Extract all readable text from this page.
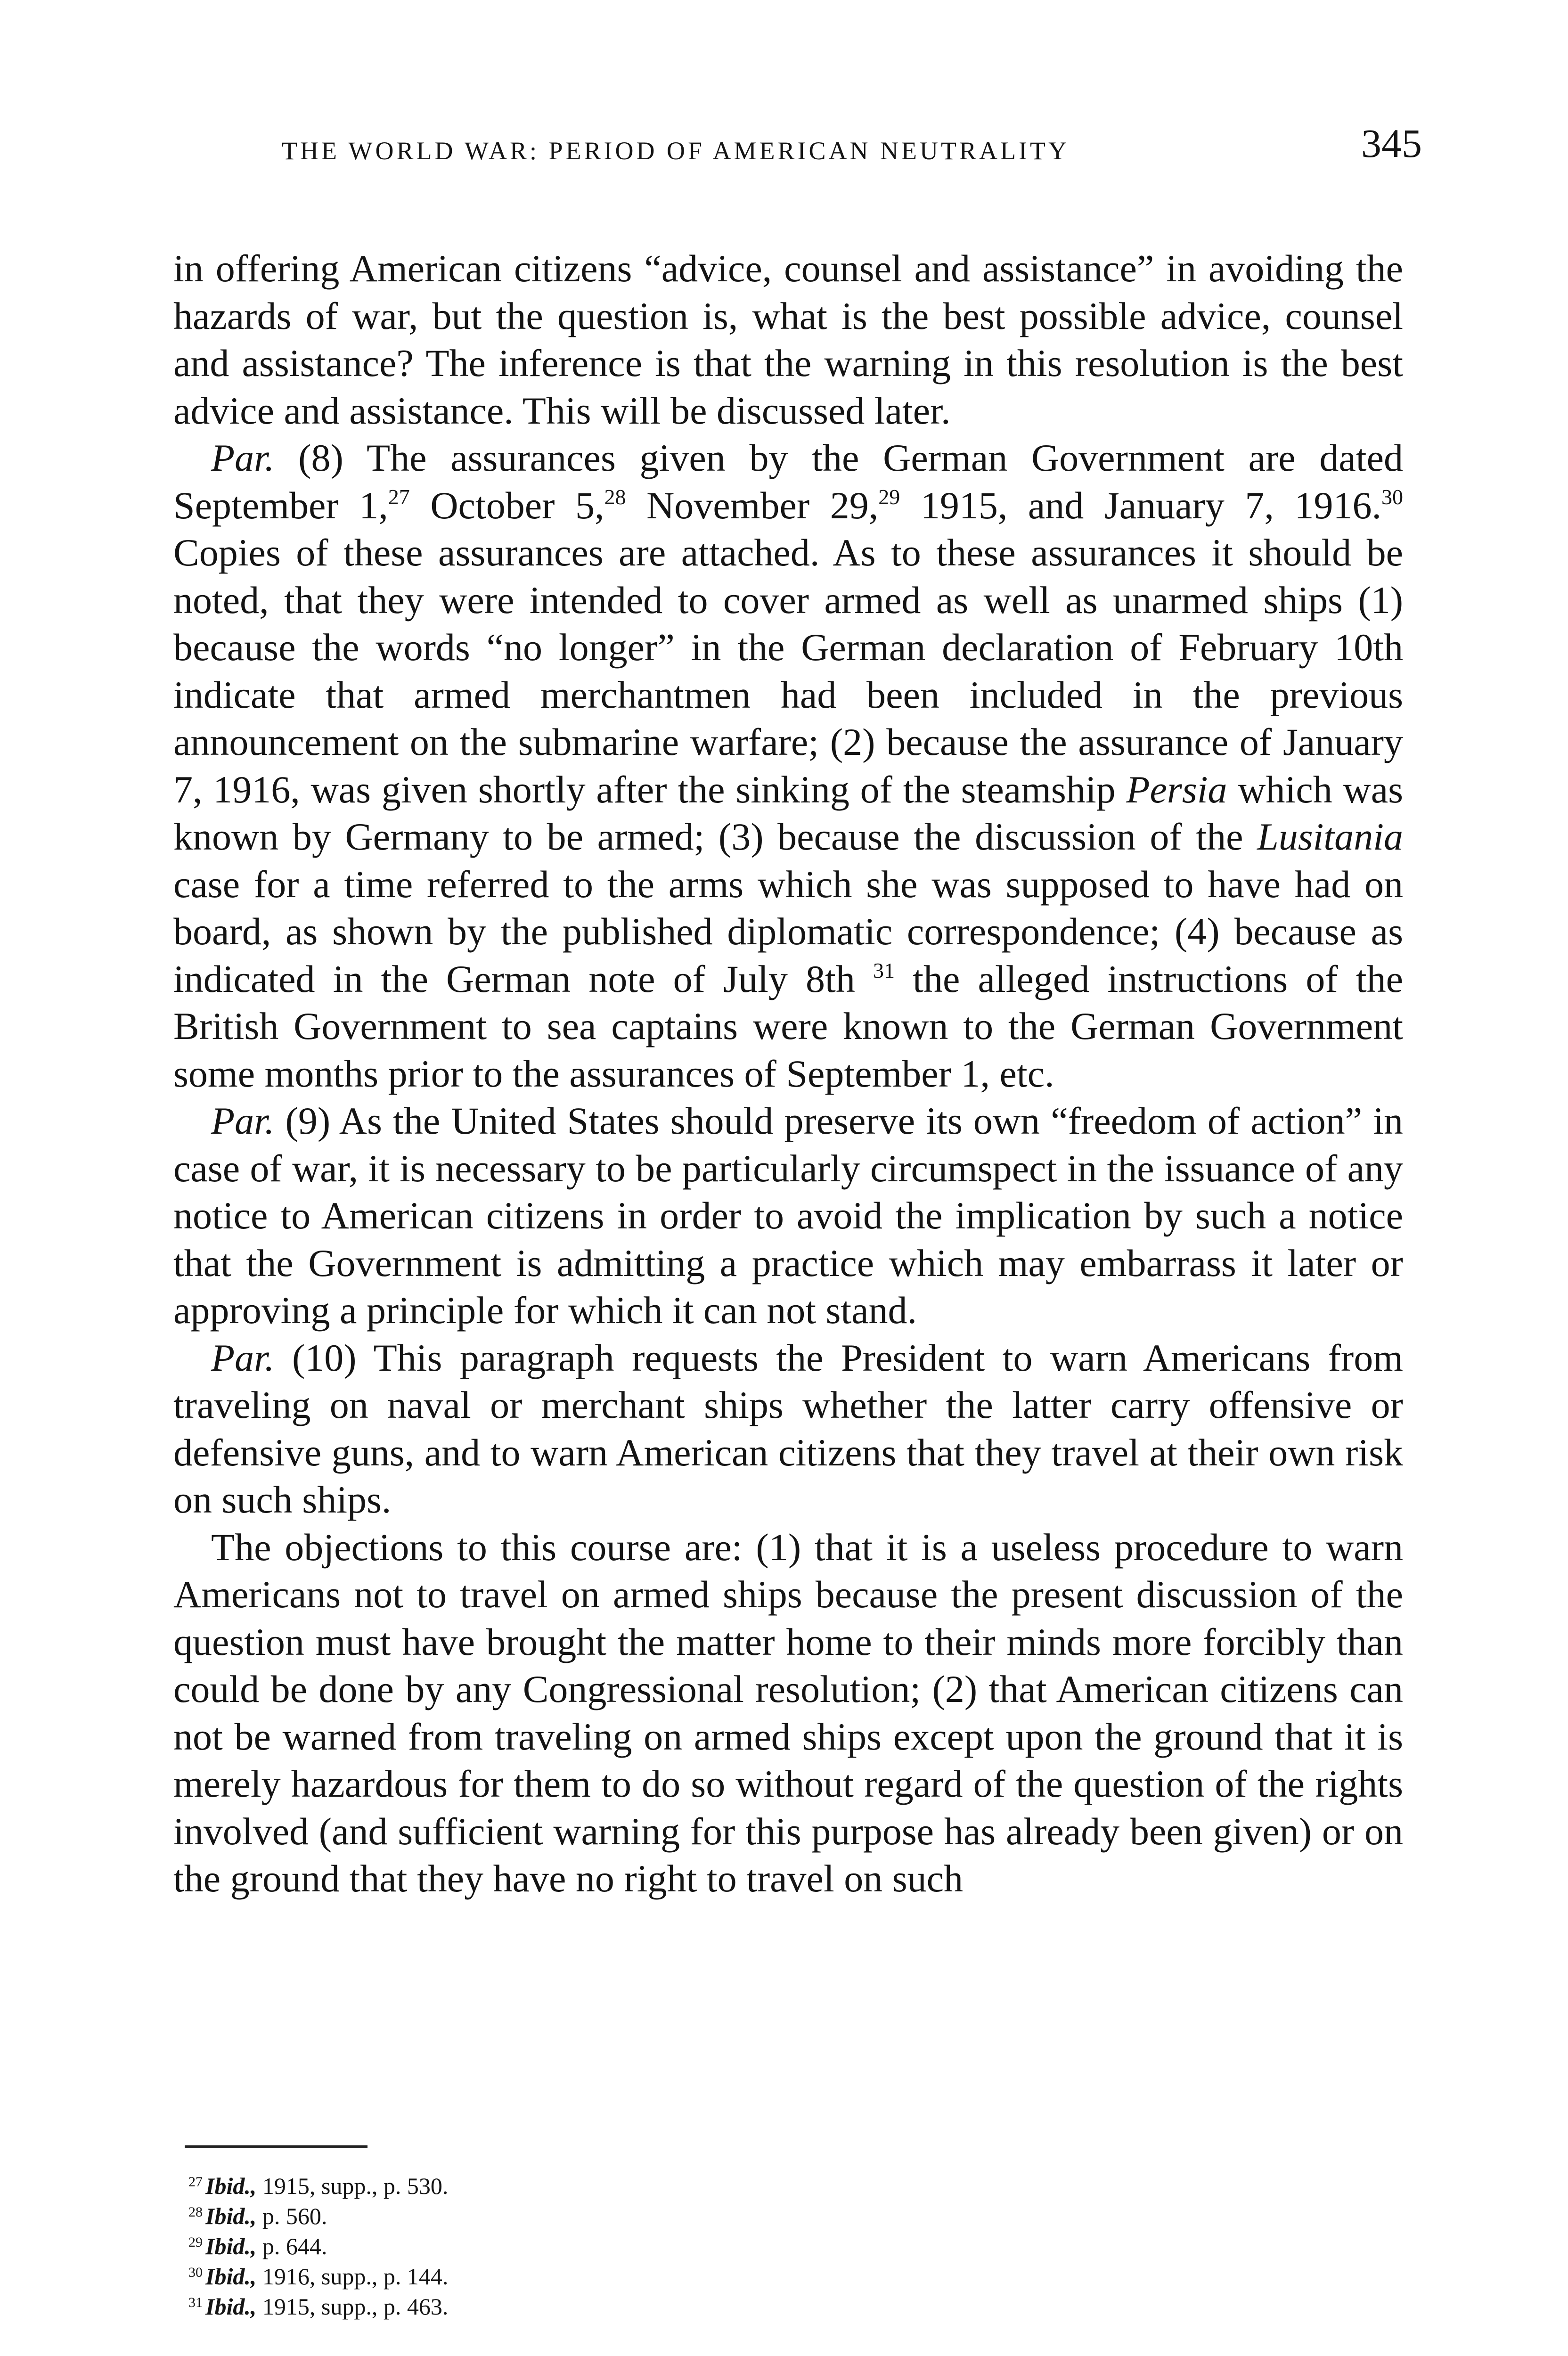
THE WORLD WAR: PERIOD OF AMERICAN NEUTRALITY	345

in offering American citizens “advice, counsel and assistance” in avoiding the hazards of war, but the question is, what is the best possible advice, counsel and assistance? The inference is that the warning in this resolution is the best advice and assistance. This will be discussed later.

Par. (8) The assurances given by the German Government are dated September 1,27 October 5,28 November 29,29 1915, and January 7, 1916.30 Copies of these assurances are attached. As to these assurances it should be noted, that they were intended to cover armed as well as unarmed ships (1) because the words “no longer” in the German declaration of February 10th indicate that armed merchantmen had been included in the previous announcement on the submarine warfare; (2) because the assurance of January 7, 1916, was given shortly after the sinking of the steamship Persia which was known by Germany to be armed; (3) because the discussion of the Lusitania case for a time referred to the arms which she was supposed to have had on board, as shown by the published diplomatic correspondence; (4) because as indicated in the German note of July 8th $^{31}$ the alleged instructions of the British Government to sea captains were known to the German Government some months prior to the assurances of September 1, etc.

Par. (9) As the United States should preserve its own “freedom of action” in case of war, it is necessary to be particularly circumspect in the issuance of any notice to American citizens in order to avoid the implication by such a notice that the Government is admitting a practice which may embarrass it later or approving a principle for which it can not stand.

Par. (10) This paragraph requests the President to warn Americans from traveling on naval or merchant ships whether the latter carry offensive or defensive guns, and to warn American citizens that they travel at their own risk on such ships.

The objections to this course are: (1) that it is a useless procedure to warn Americans not to travel on armed ships because the present discussion of the question must have brought the matter home to their minds more forcibly than could be done by any Congressional resolution; (2) that American citizens can not be warned from traveling on armed ships except upon the ground that it is merely hazardous for them to do so without regard of the question of the rights involved (and sufficient warning for this purpose has already been given) or on the ground that they have no right to travel on such

27 Ibid., 1915, supp., p. 530.
28 Ibid., p. 560.
29 Ibid., p. 644.
30 Ibid., 1916, supp., p. 144.
31 Ibid., 1915, supp., p. 463.
